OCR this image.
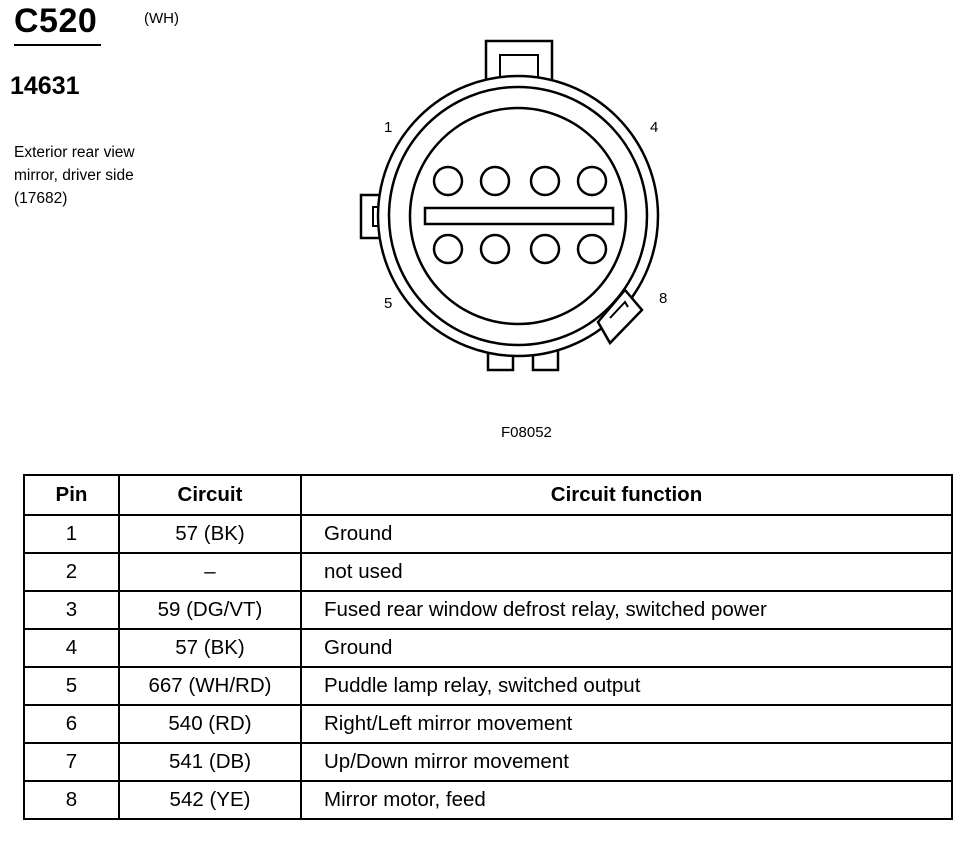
C520	(WH)
14631
Exterior rear view
mirror, driver side
(17682)
1	4
5	8
F08052
Pin	Circuit	Circuit function
1	57 (BK)	Ground
2	–	not used
3	59 (DG/VT)	Fused rear window defrost relay, switched power
4	57 (BK)	Ground
5	667 (WH/RD)	Puddle lamp relay, switched output
6	540 (RD)	Right/Left mirror movement
7	541 (DB)	Up/Down mirror movement
8	542 (YE)	Mirror motor, feed
